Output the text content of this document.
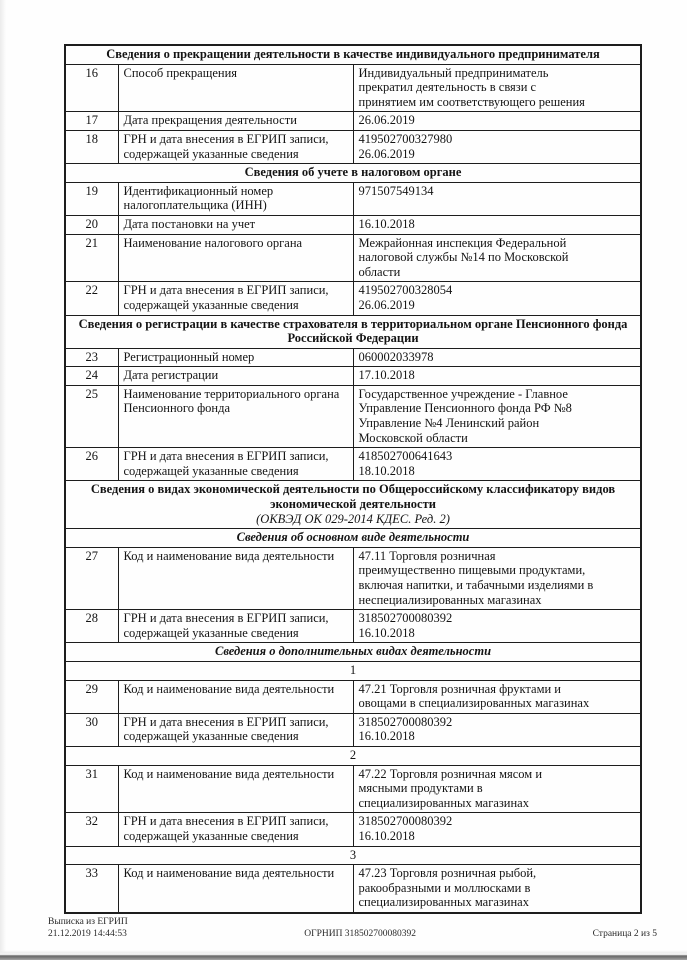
Сведения о прекращении деятельности в качестве индивидуального предпринимателя		

16	Способ прекращения	Индивидуальный предприниматель
прекратил деятельность в связи с
принятием им соответствующего решения

17	Дата прекращения деятельности	26.06.2019

18	ГРН и дата внесения в ЕГРИП записи, содержащей указанные сведения	419502700327980
26.06.2019

Сведения об учете в налоговом органе		

19	Идентификационный номер налогоплательщика (ИНН)	971507549134

20	Дата постановки на учет	16.10.2018

21	Наименование налогового органа	Межрайонная инспекция Федеральной
налоговой службы №14 по Московской
области

22	ГРН и дата внесения в ЕГРИП записи, содержащей указанные сведения	419502700328054
26.06.2019

Сведения о регистрации в качестве страхователя в территориальном органе Пенсионного фонда Российской Федерации		

23	Регистрационный номер	060002033978

24	Дата регистрации	17.10.2018

25	Наименование территориального органа Пенсионного фонда	Государственное учреждение - Главное
Управление Пенсионного фонда РФ №8
Управление №4 Ленинский район
Московской области

26	ГРН и дата внесения в ЕГРИП записи, содержащей указанные сведения	418502700641643
18.10.2018

Сведения о видах экономической деятельности по Общероссийскому классификатору видов экономической деятельности
(ОКВЭД ОК 029-2014 КДЕС. Ред. 2)		

Сведения об основном виде деятельности		

27	Код и наименование вида деятельности	47.11 Торговля розничная
преимущественно пищевыми продуктами,
включая напитки, и табачными изделиями в
неспециализированных магазинах

28	ГРН и дата внесения в ЕГРИП записи, содержащей указанные сведения	318502700080392
16.10.2018

Сведения о дополнительных видах деятельности		

1		

29	Код и наименование вида деятельности	47.21 Торговля розничная фруктами и
овощами в специализированных магазинах

30	ГРН и дата внесения в ЕГРИП записи, содержащей указанные сведения	318502700080392
16.10.2018

2		

31	Код и наименование вида деятельности	47.22 Торговля розничная мясом и
мясными продуктами в
специализированных магазинах

32	ГРН и дата внесения в ЕГРИП записи, содержащей указанные сведения	318502700080392
16.10.2018

3		

33	Код и наименование вида деятельности	47.23 Торговля розничная рыбой,
ракообразными и моллюсками в
специализированных магазинах
Выписка из ЕГРИП
21.12.2019 14:44:53	ОГРНИП 318502700080392	Страница 2 из 5
